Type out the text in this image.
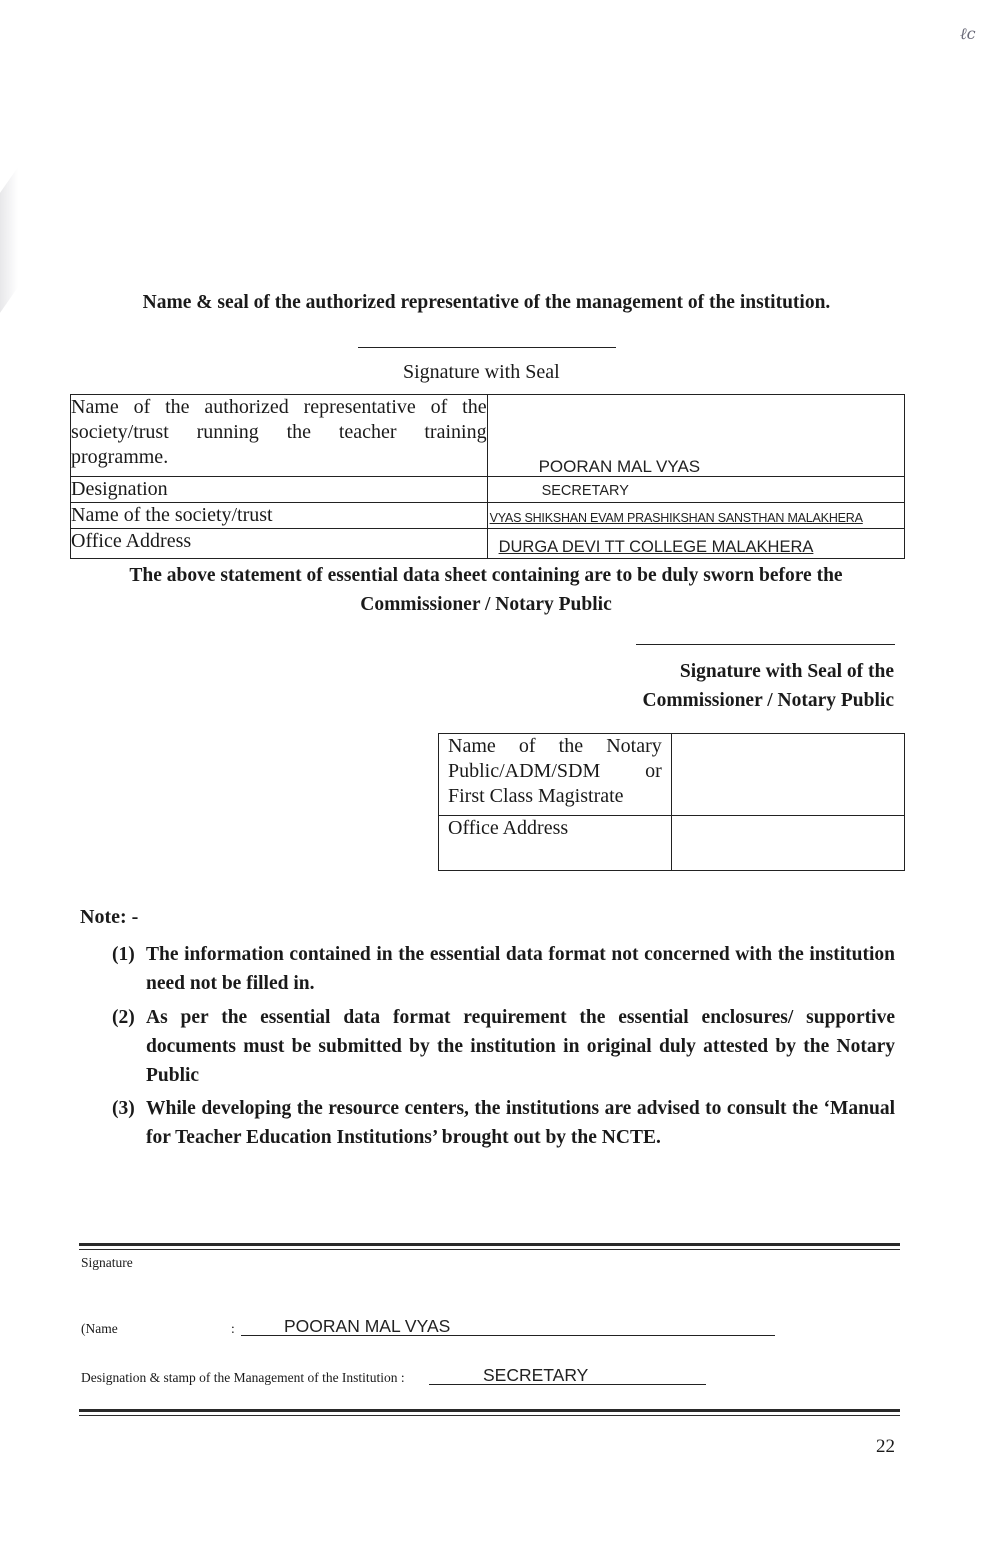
ℓc
Name & seal of the authorized representative of the management of the institution.
Signature with Seal
Name of the authorized representative of the society/trust running the teacher training programme.	POORAN MAL VYAS

Designation	SECRETARY

Name of the society/trust	VYAS SHIKSHAN EVAM PRASHIKSHAN SANSTHAN MALAKHERA

Office Address	DURGA DEVI TT COLLEGE MALAKHERA
The above statement of essential data sheet containing are to be duly sworn before the
Commissioner / Notary Public
Signature with Seal of the
Commissioner / Notary Public
Name of the Notary Public/ADM/SDM or First Class Magistrate	
Office Address	
Note: -
(1) The information contained in the essential data format not concerned with the institution need not be filled in.
(2) As per the essential data format requirement the essential enclosures/ supportive documents must be submitted by the institution in original duly attested by the Notary Public
(3) While developing the resource centers, the institutions are advised to consult the ‘Manual for Teacher Education Institutions’ brought out by the NCTE.
Signature
(Name	:	POORAN MAL VYAS
Designation & stamp of the Management of the Institution :	SECRETARY
22
